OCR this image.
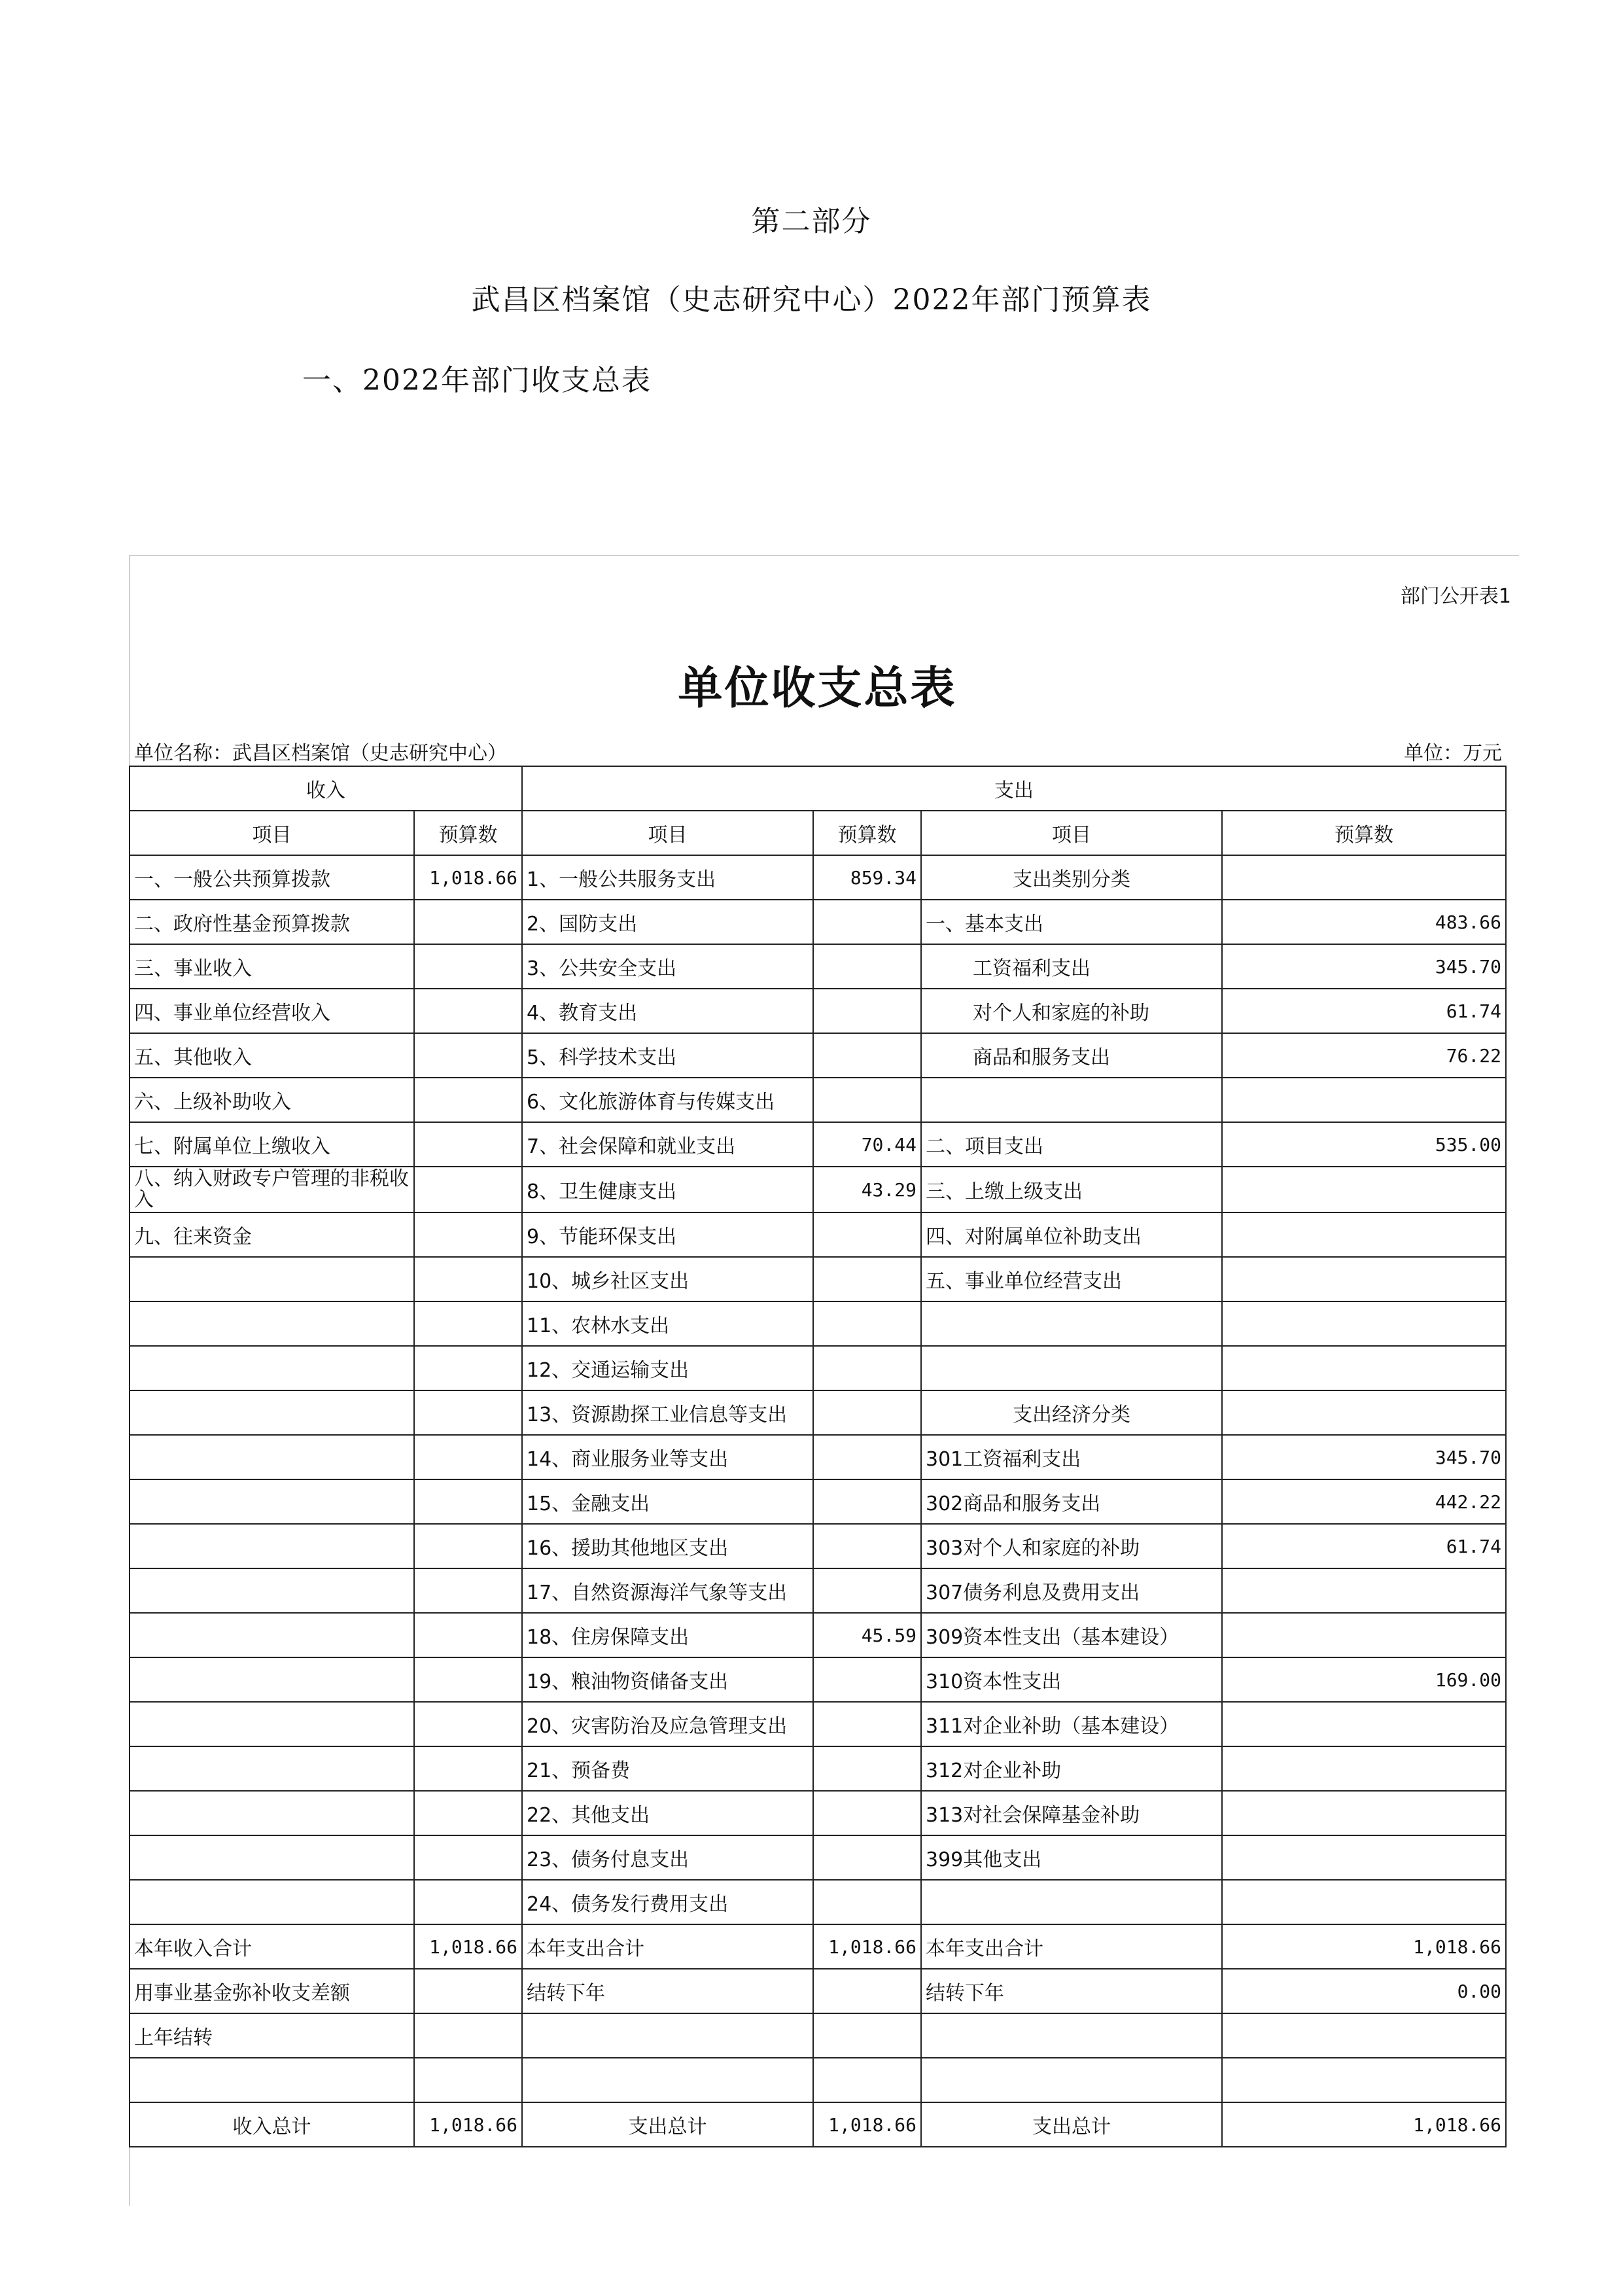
第二部分
武昌区档案馆（史志研究中心）2022年部门预算表
一、2022年部门收支总表
部门公开表1
单位收支总表
单位名称：武昌区档案馆（史志研究中心）	单位：万元
收入		支出			
项目	预算数	项目	预算数	项目	预算数
一、一般公共预算拨款	1,018.66	1、一般公共服务支出	859.34	支出类别分类	
二、政府性基金预算拨款		2、国防支出		一、基本支出	483.66
三、事业收入		3、公共安全支出		工资福利支出	345.70
四、事业单位经营收入		4、教育支出		对个人和家庭的补助	61.74
五、其他收入		5、科学技术支出		商品和服务支出	76.22
六、上级补助收入		6、文化旅游体育与传媒支出			
七、附属单位上缴收入		7、社会保障和就业支出	70.44	二、项目支出	535.00
八、纳入财政专户管理的非税收入		8、卫生健康支出	43.29	三、上缴上级支出	
九、往来资金		9、节能环保支出		四、对附属单位补助支出	
		10、城乡社区支出		五、事业单位经营支出	
		11、农林水支出			
		12、交通运输支出			
		13、资源勘探工业信息等支出		支出经济分类	
		14、商业服务业等支出		301工资福利支出	345.70
		15、金融支出		302商品和服务支出	442.22
		16、援助其他地区支出		303对个人和家庭的补助	61.74
		17、自然资源海洋气象等支出		307债务利息及费用支出	
		18、住房保障支出	45.59	309资本性支出（基本建设）	
		19、粮油物资储备支出		310资本性支出	169.00
		20、灾害防治及应急管理支出		311对企业补助（基本建设）	
		21、预备费		312对企业补助	
		22、其他支出		313对社会保障基金补助	
		23、债务付息支出		399其他支出	
		24、债务发行费用支出			
本年收入合计	1,018.66	本年支出合计	1,018.66	本年支出合计	1,018.66
用事业基金弥补收支差额		结转下年		结转下年	0.00
上年结转					

收入总计	1,018.66	支出总计	1,018.66	支出总计	1,018.66
